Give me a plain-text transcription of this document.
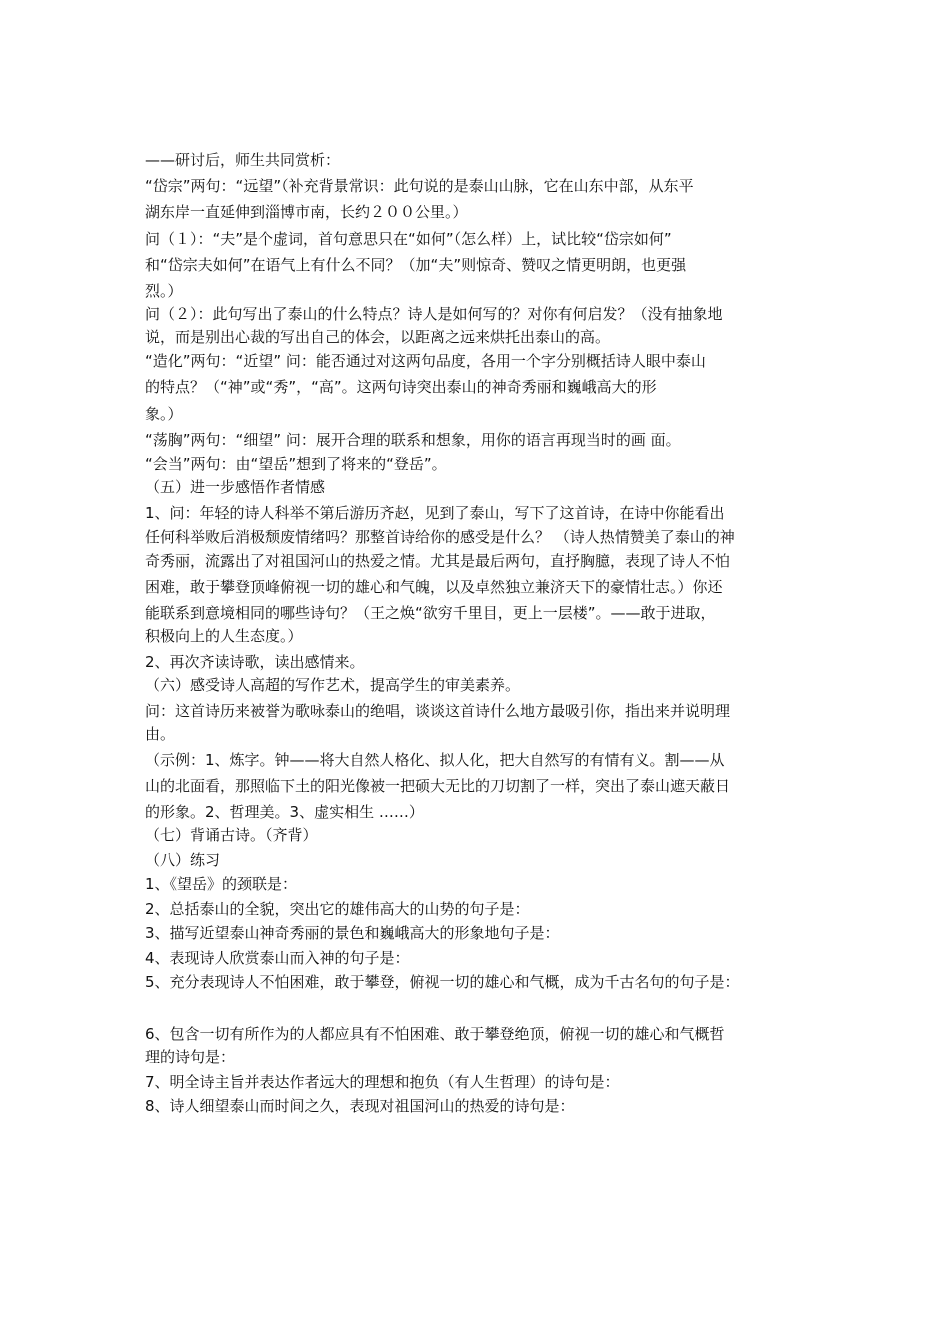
——研讨后，师生共同赏析：
“岱宗”两句：“远望”（补充背景常识：此句说的是泰山山脉，它在山东中部，从东平
湖东岸一直延伸到淄博市南，长约２００公里。）
问（１）：“夫”是个虚词，首句意思只在“如何”（怎么样）上，试比较“岱宗如何”
和“岱宗夫如何”在语气上有什么不同？（加“夫”则惊奇、赞叹之情更明朗，也更强
烈。）
问（２）：此句写出了泰山的什么特点？诗人是如何写的？对你有何启发？（没有抽象地
说，而是别出心裁的写出自己的体会，以距离之远来烘托出泰山的高。
“造化”两句：“近望” 问：能否通过对这两句品度，各用一个字分别概括诗人眼中泰山
的特点？（“神”或“秀”，“高”。这两句诗突出泰山的神奇秀丽和巍峨高大的形
象。）
“荡胸”两句：“细望” 问：展开合理的联系和想象，用你的语言再现当时的画 面。
“会当”两句：由“望岳”想到了将来的“登岳”。
（五）进一步感悟作者情感
1、问：年轻的诗人科举不第后游历齐赵，见到了泰山，写下了这首诗，在诗中你能看出
任何科举败后消极颓废情绪吗？那整首诗给你的感受是什么？ （诗人热情赞美了泰山的神
奇秀丽，流露出了对祖国河山的热爱之情。尤其是最后两句，直抒胸臆，表现了诗人不怕
困难，敢于攀登顶峰俯视一切的雄心和气魄，以及卓然独立兼济天下的豪情壮志。）你还
能联系到意境相同的哪些诗句？（王之焕“欲穷千里目，更上一层楼”。——敢于进取，
积极向上的人生态度。）
2、再次齐读诗歌，读出感情来。
（六）感受诗人高超的写作艺术，提高学生的审美素养。
问：这首诗历来被誉为歌咏泰山的绝唱，谈谈这首诗什么地方最吸引你，指出来并说明理
由。
（示例：1、炼字。钟——将大自然人格化、拟人化，把大自然写的有情有义。割——从
山的北面看，那照临下土的阳光像被一把硕大无比的刀切割了一样，突出了泰山遮天蔽日
的形象。2、哲理美。3、虚实相生 ……）
（七）背诵古诗。（齐背）
（八）练习
1、《望岳》的颈联是：
2、总括泰山的全貌，突出它的雄伟高大的山势的句子是：
3、描写近望泰山神奇秀丽的景色和巍峨高大的形象地句子是：
4、表现诗人欣赏泰山而入神的句子是：
5、充分表现诗人不怕困难，敢于攀登，俯视一切的雄心和气概，成为千古名句的句子是：
6、包含一切有所作为的人都应具有不怕困难、敢于攀登绝顶，俯视一切的雄心和气概哲
理的诗句是：
7、明全诗主旨并表达作者远大的理想和抱负（有人生哲理）的诗句是：
8、诗人细望泰山而时间之久，表现对祖国河山的热爱的诗句是：
